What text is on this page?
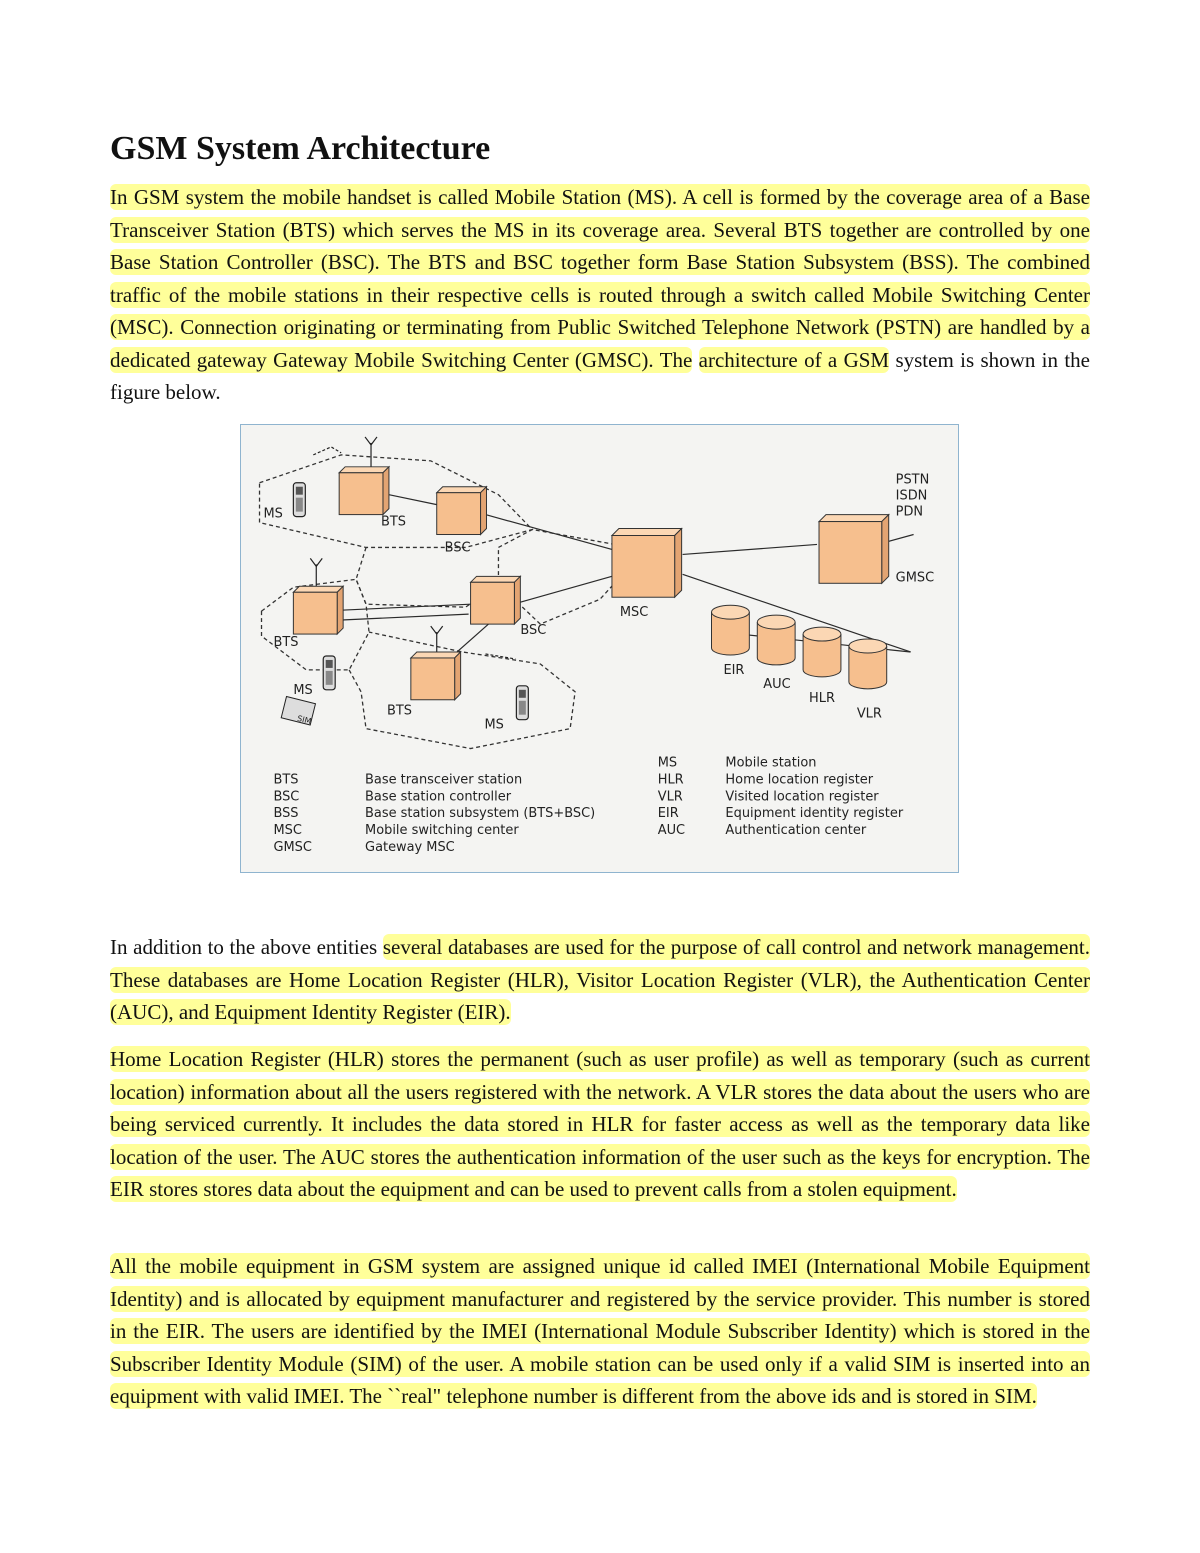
GSM System Architecture

In GSM system the mobile handset is called Mobile Station (MS). A cell is formed by the coverage area of a Base Transceiver Station (BTS) which serves the MS in its coverage area. Several BTS together are controlled by one Base Station Controller (BSC). The BTS and BSC together form Base Station Subsystem (BSS). The combined traffic of the mobile stations in their respective cells is routed through a switch called Mobile Switching Center (MSC). Connection originating or terminating from Public Switched Telephone Network (PSTN) are handled by a dedicated gateway Gateway Mobile Switching Center (GMSC). The architecture of a GSM system is shown in the figure below.

MS
BTS
BSC
BTS
BSC
MS
SIM
BTS
MS
MSC
GMSC
PSTN
ISDN
PDN
EIR
AUC
HLR
VLR
BTS	Base transceiver station
BSC	Base station controller
BSS	Base station subsystem (BTS+BSC)
MSC	Mobile switching center
GMSC	Gateway MSC
MS	Mobile station
HLR	Home location register
VLR	Visited location register
EIR	Equipment identity register
AUC	Authentication center

In addition to the above entities several databases are used for the purpose of call control and network management. These databases are Home Location Register (HLR), Visitor Location Register (VLR), the Authentication Center (AUC), and Equipment Identity Register (EIR).

Home Location Register (HLR) stores the permanent (such as user profile) as well as temporary (such as current location) information about all the users registered with the network. A VLR stores the data about the users who are being serviced currently. It includes the data stored in HLR for faster access as well as the temporary data like location of the user. The AUC stores the authentication information of the user such as the keys for encryption. The EIR stores stores data about the equipment and can be used to prevent calls from a stolen equipment.

All the mobile equipment in GSM system are assigned unique id called IMEI (International Mobile Equipment Identity) and is allocated by equipment manufacturer and registered by the service provider. This number is stored in the EIR. The users are identified by the IMEI (International Module Subscriber Identity) which is stored in the Subscriber Identity Module (SIM) of the user. A mobile station can be used only if a valid SIM is inserted into an equipment with valid IMEI. The ``real" telephone number is different from the above ids and is stored in SIM.
